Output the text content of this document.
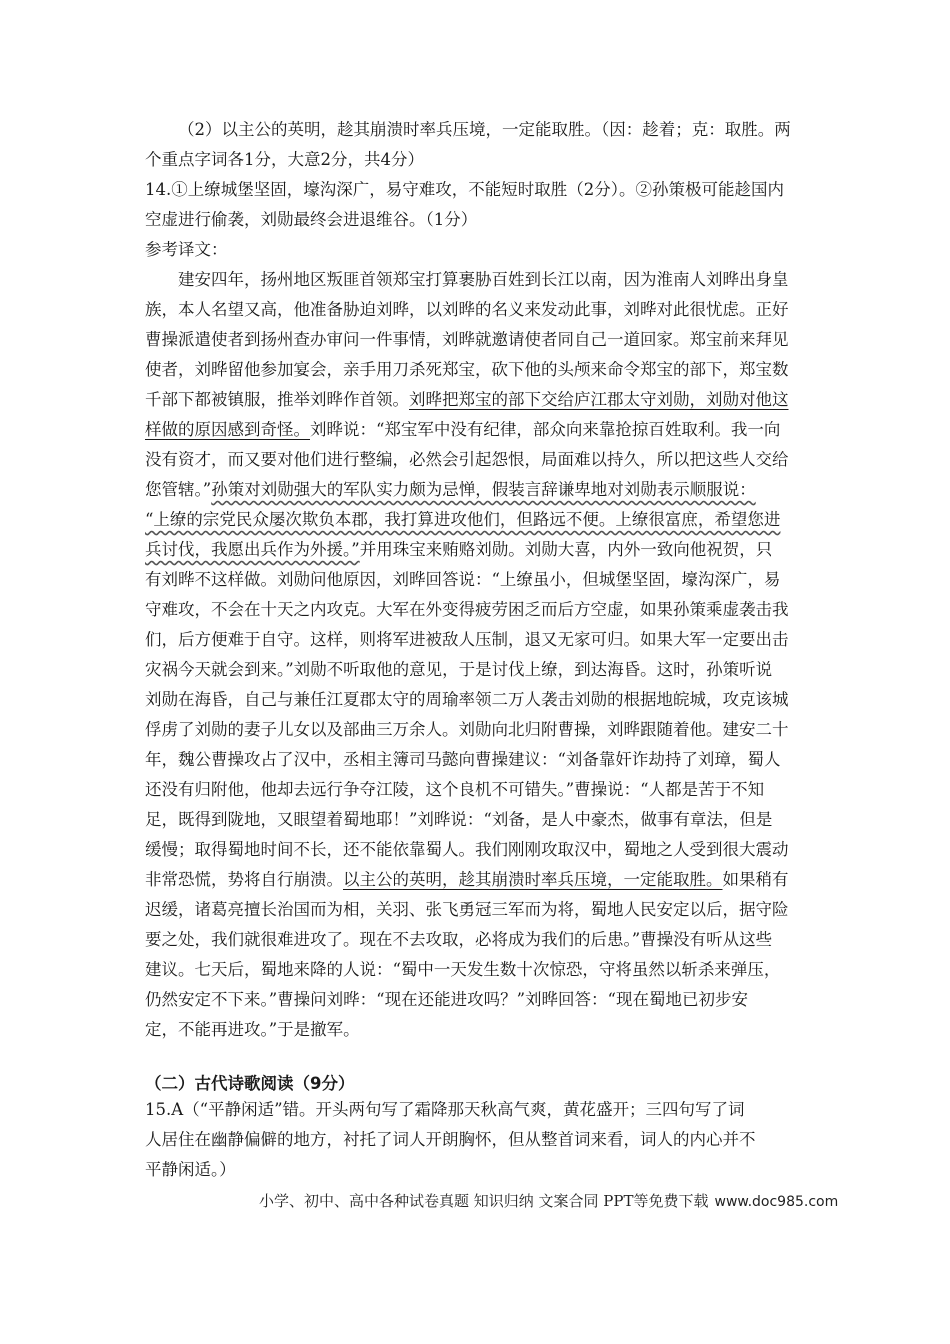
（2）以主公的英明，趁其崩溃时率兵压境，一定能取胜。（因：趁着；克：取胜。两

个重点字词各1分，大意2分，共4分）

14.①上缭城堡坚固，壕沟深广，易守难攻，不能短时取胜（2分）。②孙策极可能趁国内

空虚进行偷袭，刘勋最终会进退维谷。（1分）

参考译文：

建安四年，扬州地区叛匪首领郑宝打算裹胁百姓到长江以南，因为淮南人刘晔出身皇

族，本人名望又高，他准备胁迫刘晔，以刘晔的名义来发动此事，刘晔对此很忧虑。正好

曹操派遣使者到扬州查办审问一件事情，刘晔就邀请使者同自己一道回家。郑宝前来拜见

使者，刘晔留他参加宴会，亲手用刀杀死郑宝，砍下他的头颅来命令郑宝的部下，郑宝数

千部下都被镇服，推举刘晔作首领。刘晔把郑宝的部下交给庐江郡太守刘勋，刘勋对他这

样做的原因感到奇怪。刘晔说：“郑宝军中没有纪律，部众向来靠抢掠百姓取利。我一向

没有资才，而又要对他们进行整编，必然会引起怨恨，局面难以持久，所以把这些人交给

您管辖。”孙策对刘勋强大的军队实力颇为忌惮，假装言辞谦卑地对刘勋表示顺服说：

“上缭的宗党民众屡次欺负本郡，我打算进攻他们，但路远不便。上缭很富庶，希望您进

兵讨伐，我愿出兵作为外援。”并用珠宝来贿赂刘勋。刘勋大喜，内外一致向他祝贺，只

有刘晔不这样做。刘勋问他原因，刘晔回答说：“上缭虽小，但城堡坚固，壕沟深广，易

守难攻，不会在十天之内攻克。大军在外变得疲劳困乏而后方空虚，如果孙策乘虚袭击我

们，后方便难于自守。这样，则将军进被敌人压制，退又无家可归。如果大军一定要出击

灾祸今天就会到来。”刘勋不听取他的意见，于是讨伐上缭，到达海昏。这时，孙策听说

刘勋在海昏，自己与兼任江夏郡太守的周瑜率领二万人袭击刘勋的根据地皖城，攻克该城

俘虏了刘勋的妻子儿女以及部曲三万余人。刘勋向北归附曹操，刘晔跟随着他。建安二十

年，魏公曹操攻占了汉中，丞相主簿司马懿向曹操建议：“刘备靠奸诈劫持了刘璋，蜀人

还没有归附他，他却去远行争夺江陵，这个良机不可错失。”曹操说：“人都是苦于不知

足，既得到陇地，又眼望着蜀地耶！”刘晔说：“刘备，是人中豪杰，做事有章法，但是

缓慢；取得蜀地时间不长，还不能依靠蜀人。我们刚刚攻取汉中，蜀地之人受到很大震动

非常恐慌，势将自行崩溃。以主公的英明，趁其崩溃时率兵压境，一定能取胜。如果稍有

迟缓，诸葛亮擅长治国而为相，关羽、张飞勇冠三军而为将，蜀地人民安定以后，据守险

要之处，我们就很难进攻了。现在不去攻取，必将成为我们的后患。”曹操没有听从这些

建议。七天后，蜀地来降的人说：“蜀中一天发生数十次惊恐，守将虽然以斩杀来弹压，

仍然安定不下来。”曹操问刘晔：“现在还能进攻吗？”刘晔回答：“现在蜀地已初步安

定，不能再进攻。”于是撤军。

（二）古代诗歌阅读（9分）

15.A（“平静闲适”错。开头两句写了霜降那天秋高气爽，黄花盛开；三四句写了词

人居住在幽静偏僻的地方，衬托了词人开朗胸怀，但从整首词来看，词人的内心并不

平静闲适。）

小学、初中、高中各种试卷真题 知识归纳 文案合同 PPT等免费下载 www.doc985.com
